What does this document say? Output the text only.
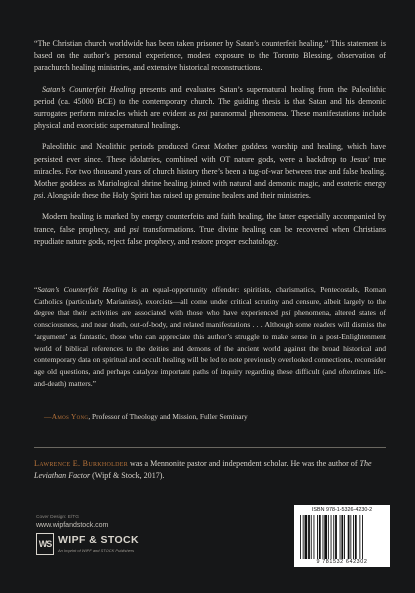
“The Christian church worldwide has been taken prisoner by Satan’s counterfeit healing.” This statement is based on the author’s personal experience, modest exposure to the Toronto Blessing, observation of parachurch healing ministries, and extensive historical reconstructions.

Satan’s Counterfeit Healing presents and evaluates Satan’s supernatural healing from the Paleolithic period (ca. 45000 BCE) to the contemporary church. The guiding thesis is that Satan and his demonic surrogates perform miracles which are evident as psi paranormal phenomena. These manifestations include physical and exorcistic supernatural healings.

Paleolithic and Neolithic periods produced Great Mother goddess worship and healing, which have persisted ever since. These idolatries, combined with OT nature gods, were a backdrop to Jesus’ true miracles. For two thousand years of church history there’s been a tug-of-war between true and false healing. Mother goddess as Mariological shrine healing joined with natural and demonic magic, and esoteric energy psi. Alongside these the Holy Spirit has raised up genuine healers and their ministries.

Modern healing is marked by energy counterfeits and faith healing, the latter especially accompanied by trance, false prophecy, and psi transformations. True divine healing can be recovered when Christians repudiate nature gods, reject false prophecy, and restore proper eschatology.

“Satan’s Counterfeit Healing is an equal-opportunity offender: spiritists, charismatics, Pentecostals, Roman Catholics (particularly Marianists), exorcists—all come under critical scrutiny and censure, albeit largely to the degree that their activities are associated with those who have experienced psi phenomena, altered states of consciousness, and near death, out-of-body, and related manifestations . . . Although some readers will dismiss the ‘argument’ as fantastic, those who can appreciate this author’s struggle to make sense in a post-Enlightenment world of biblical references to the deities and demons of the ancient world against the broad historical and contemporary data on spiritual and occult healing will be led to note previously overlooked connections, reconsider age old questions, and perhaps catalyze important paths of inquiry regarding these difficult (and oftentimes life-and-death) matters.”

—Amos Yong, Professor of Theology and Mission, Fuller Seminary
Lawrence E. Burkholder was a Mennonite pastor and independent scholar. He was the author of The Leviathan Factor (Wipf & Stock, 2017).
Cover Design: E/TG
www.wipfandstock.com
WS WIPF & STOCK
An Imprint of WIPF and STOCK Publishers
ISBN 978-1-5326-4230-2
9 781532 642302
